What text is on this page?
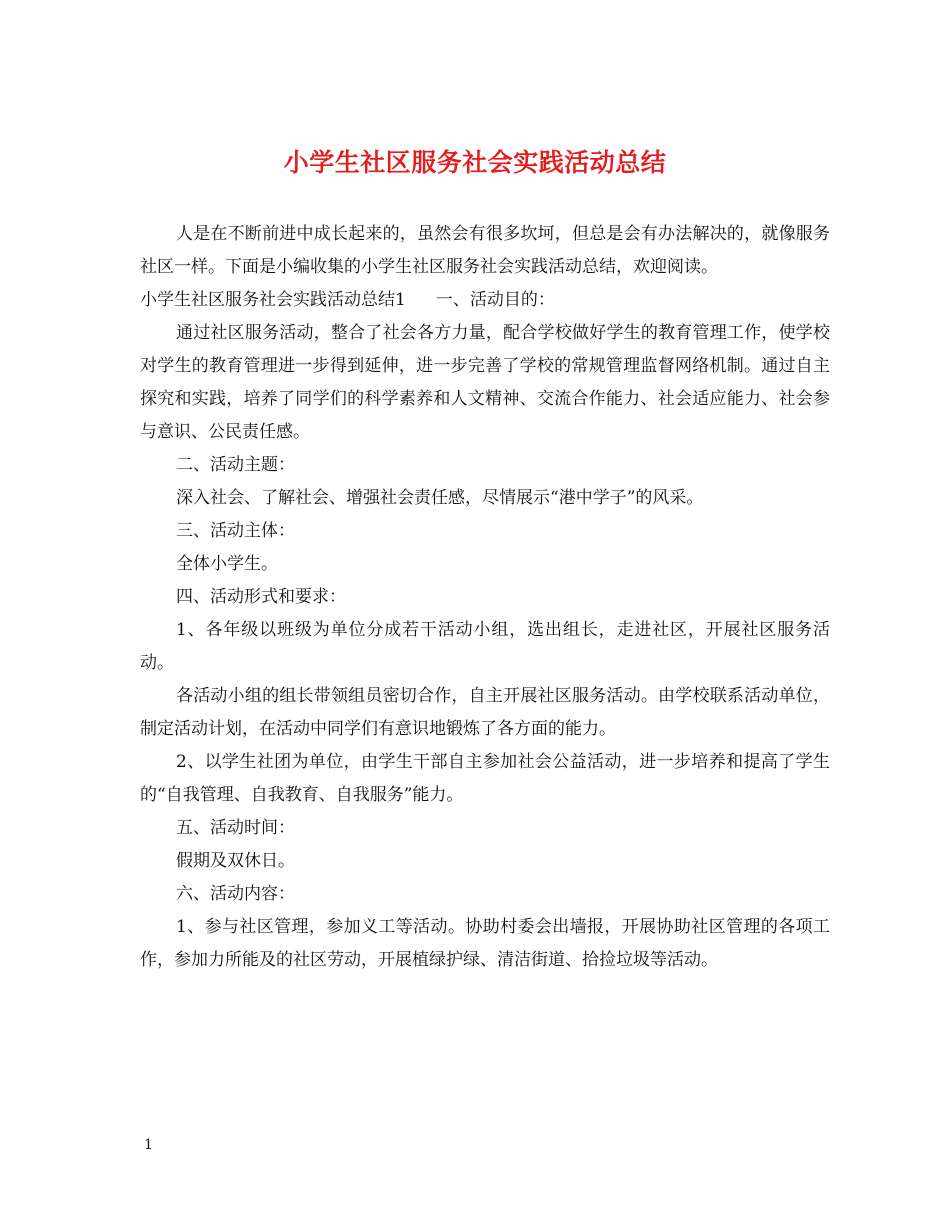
小学生社区服务社会实践活动总结

人是在不断前进中成长起来的，虽然会有很多坎坷，但总是会有办法解决的，就像服务社区一样。下面是小编收集的小学生社区服务社会实践活动总结，欢迎阅读。

小学生社区服务社会实践活动总结1 一、活动目的：

通过社区服务活动，整合了社会各方力量，配合学校做好学生的教育管理工作，使学校对学生的教育管理进一步得到延伸，进一步完善了学校的常规管理监督网络机制。通过自主探究和实践，培养了同学们的科学素养和人文精神、交流合作能力、社会适应能力、社会参与意识、公民责任感。

二、活动主题：

深入社会、了解社会、增强社会责任感，尽情展示“港中学子”的风采。

三、活动主体：

全体小学生。

四、活动形式和要求：

1、各年级以班级为单位分成若干活动小组，选出组长，走进社区，开展社区服务活动。

各活动小组的组长带领组员密切合作，自主开展社区服务活动。由学校联系活动单位，制定活动计划，在活动中同学们有意识地锻炼了各方面的能力。

2、以学生社团为单位，由学生干部自主参加社会公益活动，进一步培养和提高了学生的“自我管理、自我教育、自我服务”能力。

五、活动时间：

假期及双休日。

六、活动内容：

1、参与社区管理，参加义工等活动。协助村委会出墙报，开展协助社区管理的各项工作，参加力所能及的社区劳动，开展植绿护绿、清洁街道、拾捡垃圾等活动。

1
